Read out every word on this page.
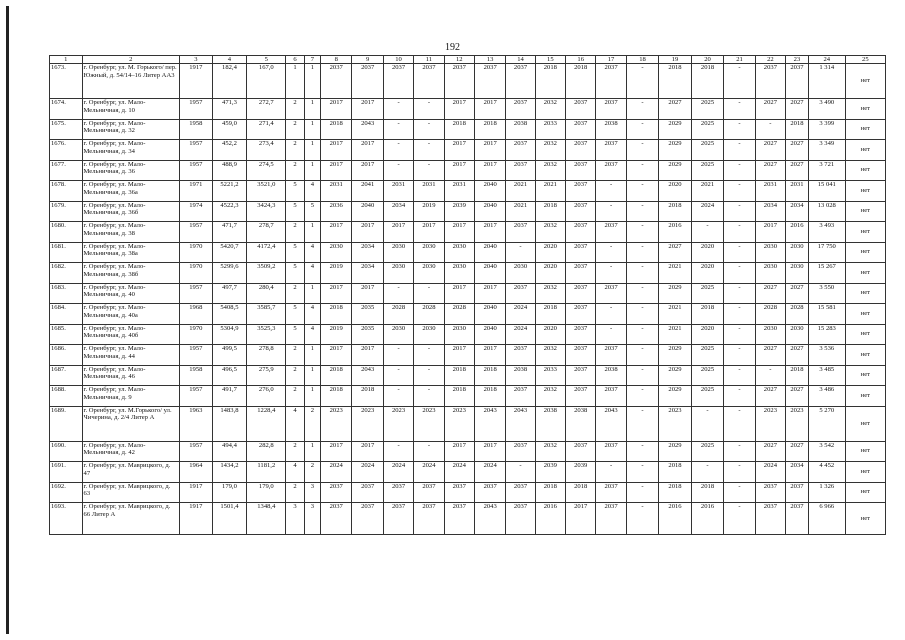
192
1	2	3	4	5	6	7	8	9	10	11	12	13	14	15	16	17	18	19	20	21	22	23	24	25
1673.	г. Оренбург, ул. М. Горького/ пер. Южный, д. 54/14–16 Литер АА3	1917	182,4	167,0	1	1	2037	2037	2037	2037	2037	2037	2037	2018	2018	2037	-	2018	2018	-	2037	2037	1 314	нет
1674.	г. Оренбург, ул. Мало-Мельничная, д. 10	1957	471,3	272,7	2	1	2017	2017	-	-	2017	2017	2037	2032	2037	2037	-	2027	2025	-	2027	2027	3 490	нет
1675.	г. Оренбург, ул. Мало-Мельничная, д. 32	1958	459,0	271,4	2	1	2018	2043	-	-	2018	2018	2038	2033	2037	2038	-	2029	2025	-	-	2018	3 399	нет
1676.	г. Оренбург, ул. Мало-Мельничная, д. 34	1957	452,2	273,4	2	1	2017	2017	-	-	2017	2017	2037	2032	2037	2037	-	2029	2025	-	2027	2027	3 349	нет
1677.	г. Оренбург, ул. Мало-Мельничная, д. 36	1957	488,9	274,5	2	1	2017	2017	-	-	2017	2017	2037	2032	2037	2037	-	2029	2025	-	2027	2027	3 721	нет
1678.	г. Оренбург, ул. Мало-Мельничная, д. 36а	1971	5221,2	3521,0	5	4	2031	2041	2031	2031	2031	2040	2021	2021	2037	-	-	2020	2021	-	2031	2031	15 041	нет
1679.	г. Оренбург, ул. Мало-Мельничная, д. 36б	1974	4522,3	3424,3	5	5	2036	2040	2034	2019	2039	2040	2021	2018	2037	-	-	2018	2024	-	2034	2034	13 028	нет
1680.	г. Оренбург, ул. Мало-Мельничная, д. 38	1957	471,7	278,7	2	1	2017	2017	2017	2017	2017	2017	2037	2032	2037	2037	-	2016	-	-	2017	2016	3 493	нет
1681.	г. Оренбург, ул. Мало-Мельничная, д. 38а	1970	5420,7	4172,4	5	4	2030	2034	2030	2030	2030	2040	-	2020	2037	-	-	2027	2020	-	2030	2030	17 750	нет
1682.	г. Оренбург, ул. Мало-Мельничная, д. 38б	1970	5299,6	3509,2	5	4	2019	2034	2030	2030	2030	2040	2030	2020	2037	-	-	2021	2020	-	2030	2030	15 267	нет
1683.	г. Оренбург, ул. Мало-Мельничная, д. 40	1957	497,7	280,4	2	1	2017	2017	-	-	2017	2017	2037	2032	2037	2037	-	2029	2025	-	2027	2027	3 550	нет
1684.	г. Оренбург, ул. Мало-Мельничная, д. 40а	1968	5408,5	3585,7	5	4	2018	2035	2028	2028	2028	2040	2024	2018	2037	-	-	2021	2018	-	2028	2028	15 581	нет
1685.	г. Оренбург, ул. Мало-Мельничная, д. 40б	1970	5304,9	3525,3	5	4	2019	2035	2030	2030	2030	2040	2024	2020	2037	-	-	2021	2020	-	2030	2030	15 283	нет
1686.	г. Оренбург, ул. Мало-Мельничная, д. 44	1957	499,5	278,8	2	1	2017	2017	-	-	2017	2017	2037	2032	2037	2037	-	2029	2025	-	2027	2027	3 536	нет
1687.	г. Оренбург, ул. Мало-Мельничная, д. 46	1958	496,5	275,9	2	1	2018	2043	-	-	2018	2018	2038	2033	2037	2038	-	2029	2025	-	-	2018	3 485	нет
1688.	г. Оренбург, ул. Мало-Мельничная, д. 9	1957	491,7	276,0	2	1	2018	2018	-	-	2018	2018	2037	2032	2037	2037	-	2029	2025	-	2027	2027	3 486	нет
1689.	г. Оренбург, ул. М.Горького/ ул. Чичерина, д. 2/4 Литер А	1963	1483,8	1228,4	4	2	2023	2023	2023	2023	2023	2043	2043	2038	2038	2043	-	2023	-	-	2023	2023	5 270	нет
1690.	г. Оренбург, ул. Мало-Мельничная, д. 42	1957	494,4	282,8	2	1	2017	2017	-	-	2017	2017	2037	2032	2037	2037	-	2029	2025	-	2027	2027	3 542	нет
1691.	г. Оренбург, ул. Маврицкого, д. 47	1964	1434,2	1181,2	4	2	2024	2024	2024	2024	2024	2024	-	2039	2039	-	-	2018	-	-	2024	2034	4 452	нет
1692.	г. Оренбург, ул. Маврицкого, д. 63	1917	179,0	179,0	2	3	2037	2037	2037	2037	2037	2037	2037	2018	2018	2037	-	2018	2018	-	2037	2037	1 326	нет
1693.	г. Оренбург, ул. Маврицкого, д. 66 Литер А	1917	1501,4	1348,4	3	3	2037	2037	2037	2037	2037	2043	2037	2016	2017	2037	-	2016	2016	-	2037	2037	6 966	нет
